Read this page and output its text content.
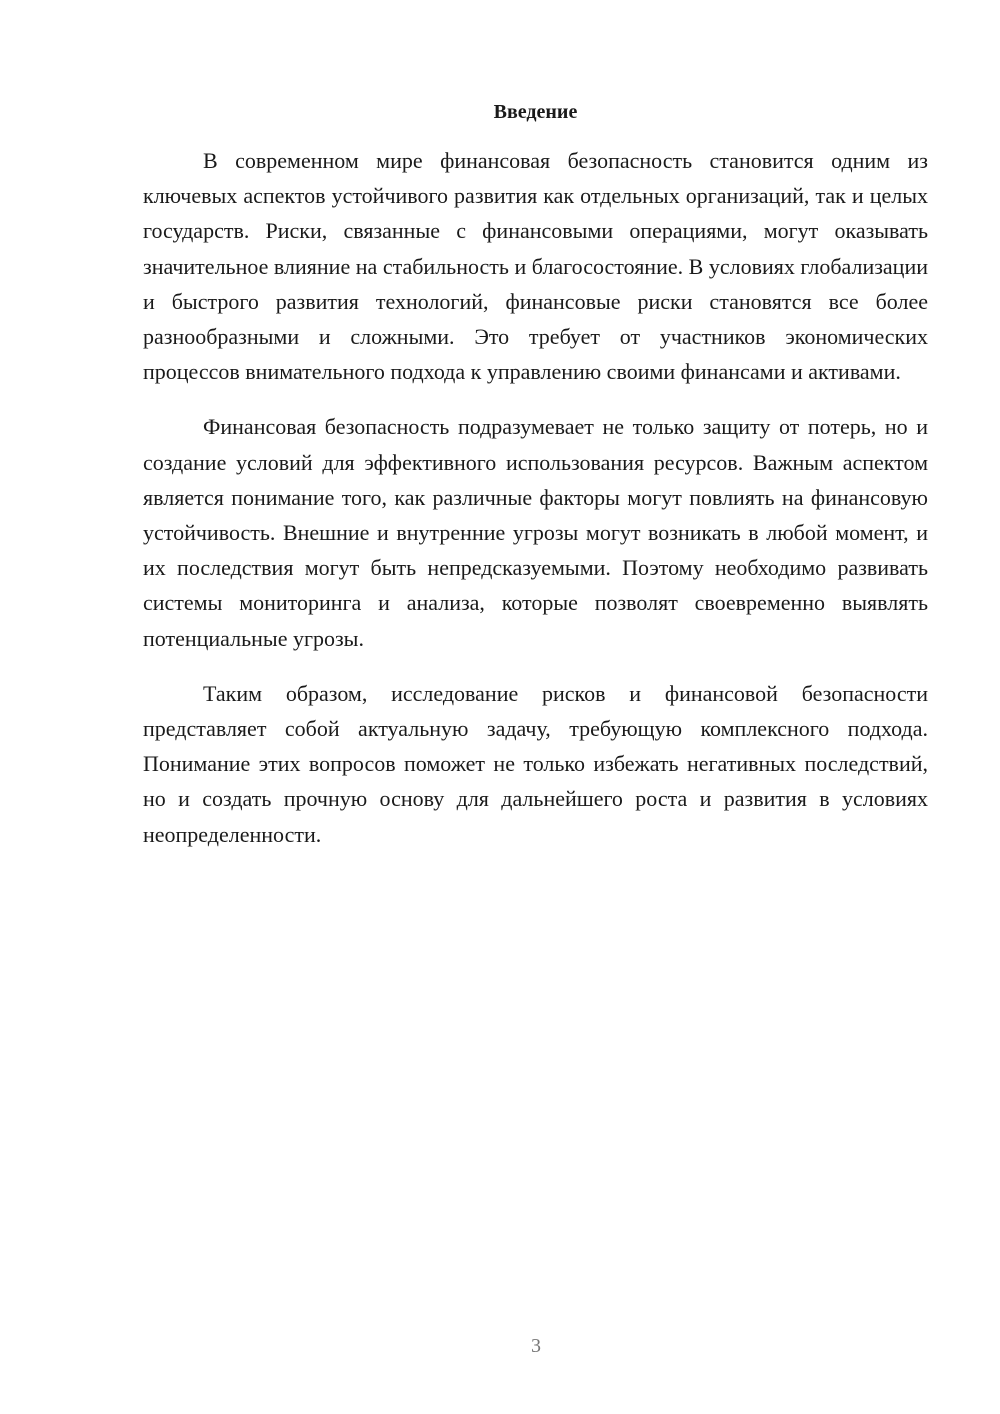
Введение

В современном мире финансовая безопасность становится одним из ключевых аспектов устойчивого развития как отдельных организаций, так и целых государств. Риски, связанные с финансовыми операциями, могут оказывать значительное влияние на стабильность и благосостояние. В условиях глобализации и быстрого развития технологий, финансовые риски становятся все более разнообразными и сложными. Это требует от участников экономических процессов внимательного подхода к управлению своими финансами и активами.

Финансовая безопасность подразумевает не только защиту от потерь, но и создание условий для эффективного использования ресурсов. Важным аспектом является понимание того, как различные факторы могут повлиять на финансовую устойчивость. Внешние и внутренние угрозы могут возникать в любой момент, и их последствия могут быть непредсказуемыми. Поэтому необходимо развивать системы мониторинга и анализа, которые позволят своевременно выявлять потенциальные угрозы.

Таким образом, исследование рисков и финансовой безопасности представляет собой актуальную задачу, требующую комплексного подхода. Понимание этих вопросов поможет не только избежать негативных последствий, но и создать прочную основу для дальнейшего роста и развития в условиях неопределенности.

3
